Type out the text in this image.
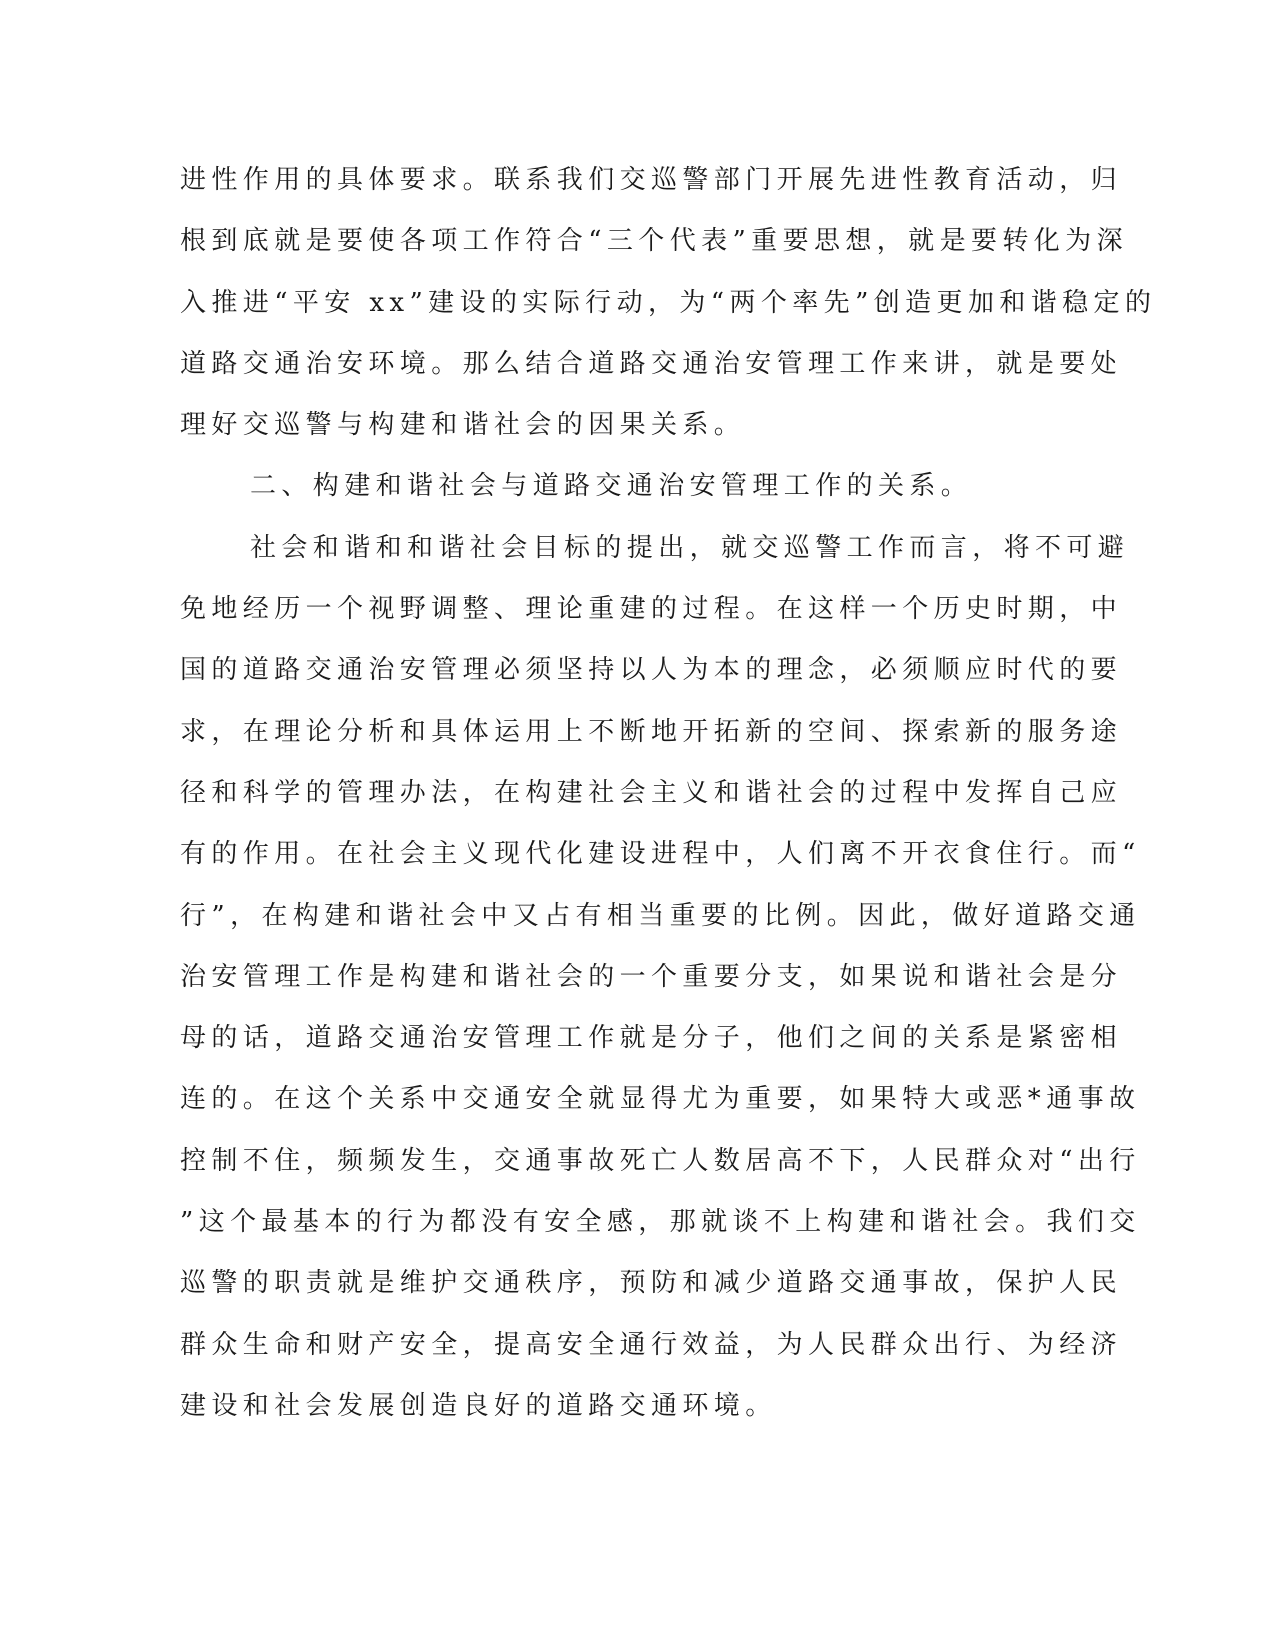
进性作用的具体要求。联系我们交巡警部门开展先进性教育活动，归
根到底就是要使各项工作符合“三个代表”重要思想，就是要转化为深
入推进“平安 xx”建设的实际行动，为“两个率先”创造更加和谐稳定的
道路交通治安环境。那么结合道路交通治安管理工作来讲，就是要处
理好交巡警与构建和谐社会的因果关系。
二、构建和谐社会与道路交通治安管理工作的关系。
社会和谐和和谐社会目标的提出，就交巡警工作而言，将不可避
免地经历一个视野调整、理论重建的过程。在这样一个历史时期，中
国的道路交通治安管理必须坚持以人为本的理念，必须顺应时代的要
求，在理论分析和具体运用上不断地开拓新的空间、探索新的服务途
径和科学的管理办法，在构建社会主义和谐社会的过程中发挥自己应
有的作用。在社会主义现代化建设进程中，人们离不开衣食住行。而“
行”，在构建和谐社会中又占有相当重要的比例。因此，做好道路交通
治安管理工作是构建和谐社会的一个重要分支，如果说和谐社会是分
母的话，道路交通治安管理工作就是分子，他们之间的关系是紧密相
连的。在这个关系中交通安全就显得尤为重要，如果特大或恶*通事故
控制不住，频频发生，交通事故死亡人数居高不下，人民群众对“出行
”这个最基本的行为都没有安全感，那就谈不上构建和谐社会。我们交
巡警的职责就是维护交通秩序，预防和减少道路交通事故，保护人民
群众生命和财产安全，提高安全通行效益，为人民群众出行、为经济
建设和社会发展创造良好的道路交通环境。
